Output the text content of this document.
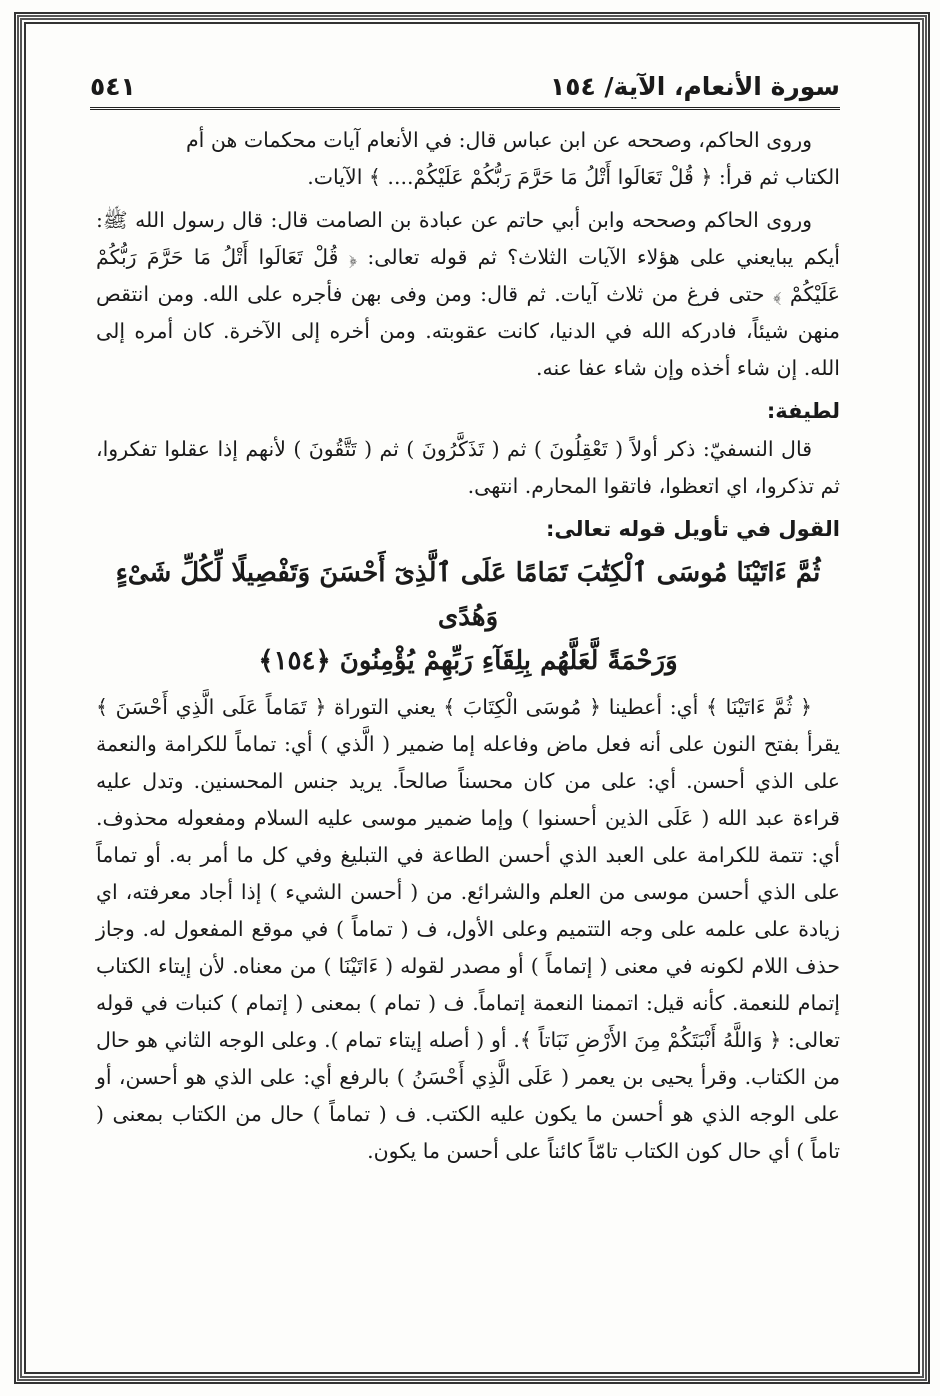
سورة الأنعام، الآية/ ١٥٤
٥٤١

وروى الحاكم، وصححه عن ابن عباس قال: في الأنعام آيات محكمات هن أم
الكتاب ثم قرأ: ﴿ قُلْ تَعَالَوا أَتْلُ مَا حَرَّمَ رَبُّكُمْ عَلَيْكُمْ.... ﴾ الآيات.

وروى الحاكم وصححه وابن أبي حاتم عن عبادة بن الصامت قال: قال رسول الله ﷺ: أيكم يبايعني على هؤلاء الآيات الثلاث؟ ثم قوله تعالى: ﴿ قُلْ تَعَالَوا أَتْلُ مَا حَرَّمَ رَبُّكُمْ عَلَيْكُمْ ﴾ حتى فرغ من ثلاث آيات. ثم قال: ومن وفى بهن فأجره على الله. ومن انتقص منهن شيئاً، فادركه الله في الدنيا، كانت عقوبته. ومن أخره إلى الآخرة. كان أمره إلى الله. إن شاء أخذه وإن شاء عفا عنه.

لطيفة:

قال النسفيّ: ذكر أولاً ( تَعْقِلُونَ ) ثم ( تَذَكَّرُونَ ) ثم ( تَتَّقُونَ ) لأنهم إذا عقلوا تفكروا، ثم تذكروا، اي اتعظوا، فاتقوا المحارم. انتهى.

القول في تأويل قوله تعالى:
ثُمَّ ءَاتَيْنَا مُوسَى ٱلْكِتَٰبَ تَمَامًا عَلَى ٱلَّذِىٓ أَحْسَنَ وَتَفْصِيلًا لِّكُلِّ شَىْءٍ وَهُدًى
وَرَحْمَةً لَّعَلَّهُم بِلِقَآءِ رَبِّهِمْ يُؤْمِنُونَ ﴿١٥٤﴾

﴿ ثُمَّ ءَاتَيْنَا ﴾ أي: أعطينا ﴿ مُوسَى الْكِتَابَ ﴾ يعني التوراة ﴿ تَمَاماً عَلَى الَّذِي أَحْسَنَ ﴾ يقرأ بفتح النون على أنه فعل ماض وفاعله إما ضمير ( الَّذي ) أي: تماماً للكرامة والنعمة على الذي أحسن. أي: على من كان محسناً صالحاً. يريد جنس المحسنين. وتدل عليه قراءة عبد الله ( عَلَى الذين أحسنوا ) وإما ضمير موسى عليه السلام ومفعوله محذوف. أي: تتمة للكرامة على العبد الذي أحسن الطاعة في التبليغ وفي كل ما أمر به. أو تماماً على الذي أحسن موسى من العلم والشرائع. من ( أحسن الشيء ) إذا أجاد معرفته، اي زيادة على علمه على وجه التتميم وعلى الأول، ف ( تماماً ) في موقع المفعول له. وجاز حذف اللام لكونه في معنى ( إتماماً ) أو مصدر لقوله ( ءَاتَيْنَا ) من معناه. لأن إيتاء الكتاب إتمام للنعمة. كأنه قيل: اتممنا النعمة إتماماً. ف ( تمام ) بمعنى ( إتمام ) كنبات في قوله تعالى: ﴿ وَاللَّهُ أَنْبَتَكُمْ مِنَ الأَرْضِ نَبَاتاً ﴾. أو ( أصله إيتاء تمام ). وعلى الوجه الثاني هو حال من الكتاب. وقرأ يحيى بن يعمر ( عَلَى الَّذِي أَحْسَنُ ) بالرفع أي: على الذي هو أحسن، أو على الوجه الذي هو أحسن ما يكون عليه الكتب. ف ( تماماً ) حال من الكتاب بمعنى ( تاماً ) أي حال كون الكتاب تامّاً كائناً على أحسن ما يكون.
